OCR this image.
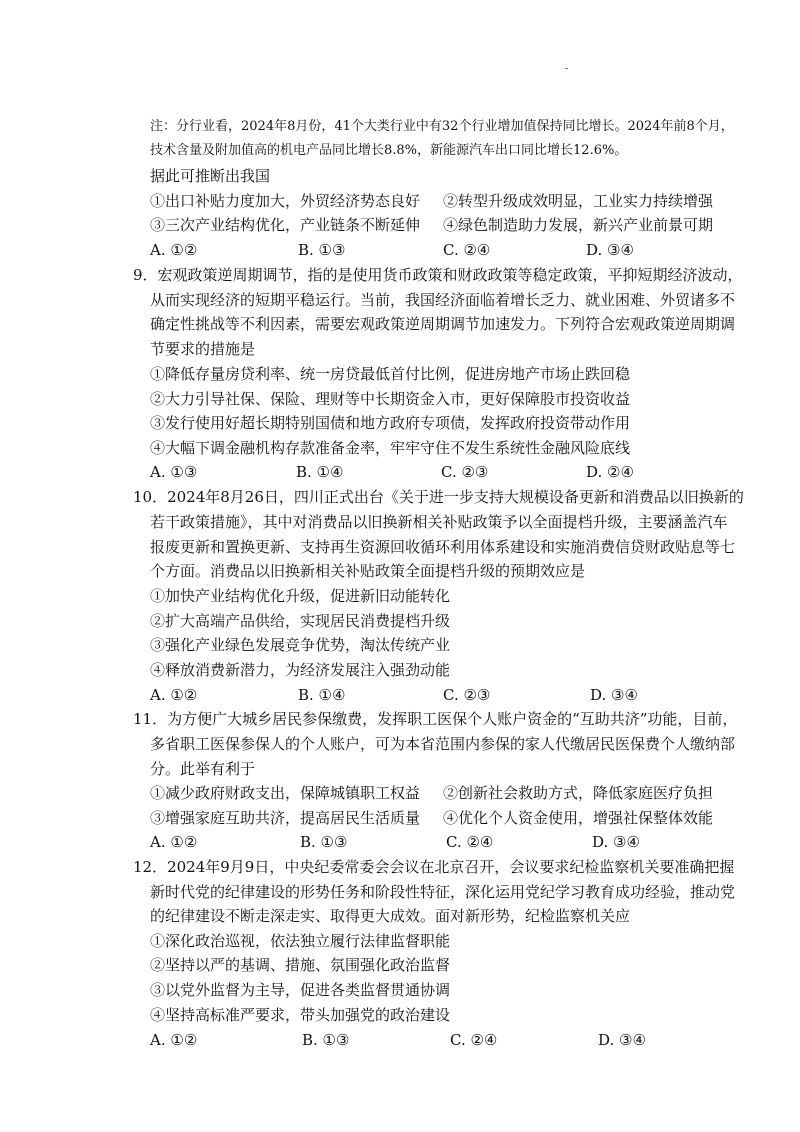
注：分行业看，2024年8月份，41个大类行业中有32个行业增加值保持同比增长。2024年前8个月，
技术含量及附加值高的机电产品同比增长8.8%，新能源汽车出口同比增长12.6%。
据此可推断出我国
①出口补贴力度加大，外贸经济势态良好 ②转型升级成效明显，工业实力持续增强
③三次产业结构优化，产业链条不断延伸 ④绿色制造助力发展，新兴产业前景可期
A. ①②	B. ①③	C. ②④	D. ③④
9．宏观政策逆周期调节，指的是使用货币政策和财政政策等稳定政策，平抑短期经济波动，
从而实现经济的短期平稳运行。当前，我国经济面临着增长乏力、就业困难、外贸诸多不
确定性挑战等不利因素，需要宏观政策逆周期调节加速发力。下列符合宏观政策逆周期调
节要求的措施是
①降低存量房贷利率、统一房贷最低首付比例，促进房地产市场止跌回稳
②大力引导社保、保险、理财等中长期资金入市，更好保障股市投资收益
③发行使用好超长期特别国债和地方政府专项债，发挥政府投资带动作用
④大幅下调金融机构存款准备金率，牢牢守住不发生系统性金融风险底线
A. ①③	B. ①④	C. ②③	D. ②④
10．2024年8月26日，四川正式出台《关于进一步支持大规模设备更新和消费品以旧换新的
若干政策措施》，其中对消费品以旧换新相关补贴政策予以全面提档升级，主要涵盖汽车
报废更新和置换更新、支持再生资源回收循环利用体系建设和实施消费信贷财政贴息等七
个方面。消费品以旧换新相关补贴政策全面提档升级的预期效应是
①加快产业结构优化升级，促进新旧动能转化
②扩大高端产品供给，实现居民消费提档升级
③强化产业绿色发展竞争优势，淘汰传统产业
④释放消费新潜力，为经济发展注入强劲动能
A. ①②	B. ①④	C. ②③	D. ③④
11．为方便广大城乡居民参保缴费，发挥职工医保个人账户资金的“互助共济”功能，目前，
多省职工医保参保人的个人账户，可为本省范围内参保的家人代缴居民医保费个人缴纳部
分。此举有利于
①减少政府财政支出，保障城镇职工权益 ②创新社会救助方式，降低家庭医疗负担
③增强家庭互助共济，提高居民生活质量 ④优化个人资金使用，增强社保整体效能
A. ①②	B. ①③	C. ②④	D. ③④
12．2024年9月9日，中央纪委常委会会议在北京召开，会议要求纪检监察机关要准确把握
新时代党的纪律建设的形势任务和阶段性特征，深化运用党纪学习教育成功经验，推动党
的纪律建设不断走深走实、取得更大成效。面对新形势，纪检监察机关应
①深化政治巡视，依法独立履行法律监督职能
②坚持以严的基调、措施、氛围强化政治监督
③以党外监督为主导，促进各类监督贯通协调
④坚持高标准严要求，带头加强党的政治建设
A. ①②	B. ①③	C. ②④	D. ③④
